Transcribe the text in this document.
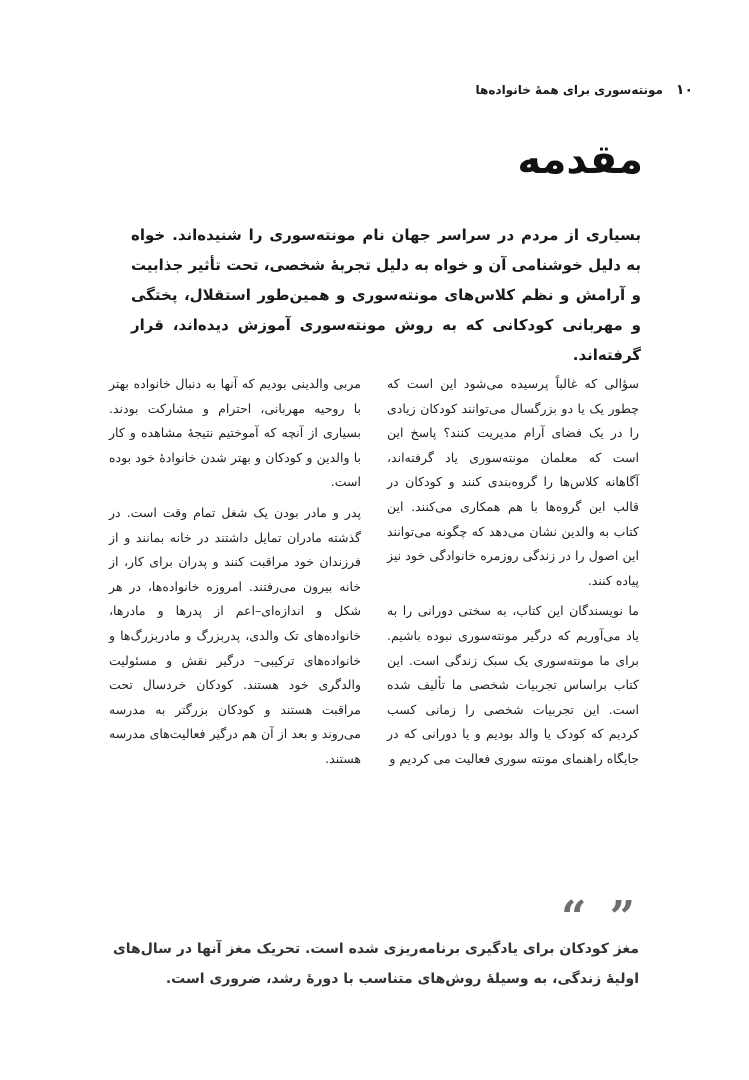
۱۰
مونته‌سوری برای همهٔ خانواده‌ها
مقدمه

بسیاری از مردم در سراسر جهان نام مونته‌سوری را شنیده‌اند. خواه به دلیل خوشنامی آن و خواه به دلیل تجربهٔ شخصی، تحت تأثیر جذابیت و آرامش و نظم کلاس‌های مونته‌سوری و همین‌طور استقلال، پختگی و مهربانی کودکانی که به روش مونته‌سوری آموزش دیده‌اند، قرار گرفته‌اند.

سؤالی که غالباً پرسیده می‌شود این است که چطور یک یا دو بزرگسال می‌توانند کودکان زیادی را در یک فضای آرام مدیریت کنند؟ پاسخ این است که معلمان مونته‌سوری یاد گرفته‌اند، آگاهانه کلاس‌ها را گروه‌بندی کنند و کودکان در قالب این گروه‌ها با هم همکاری می‌کنند. این کتاب به والدین نشان می‌دهد که چگونه می‌توانند این اصول را در زندگی روزمره خانوادگی خود نیز پیاده کنند.

ما نویسندگان این کتاب، به سختی دورانی را به یاد می‌آوریم که درگیر مونته‌سوری نبوده باشیم. برای ما مونته‌سوری یک سبک زندگی است. این کتاب براساس تجربیات شخصی ما تألیف شده است. این تجربیات شخصی را زمانی کسب کردیم که کودک یا والد بودیم و یا دورانی که در جایگاه راهنمای مونته سوری فعالیت می کردیم و

مربی والدینی بودیم که آنها به دنبال خانواده بهتر با روحیه مهربانی، احترام و مشارکت بودند. بسیاری از آنچه که آموختیم نتیجهٔ مشاهده و کار با والدین و کودکان و بهتر شدن خانوادهٔ خود بوده است.

پدر و مادر بودن یک شغل تمام وقت است. در گذشته مادران تمایل داشتند در خانه بمانند و از فرزندان خود مراقبت کنند و پدران برای کار، از خانه بیرون می‌رفتند. امروزه خانواده‌ها، در هر شکل و اندازه‌ای–اعم از پدرها و مادرها، خانواده‌های تک والدی، پدربزرگ و مادربزرگ‌ها و خانواده‌های ترکیبی– درگیر نقش و مسئولیت والدگری خود هستند. کودکان خردسال تحت مراقبت هستند و کودکان بزرگتر به مدرسه می‌روند و بعد از آن هم درگیر فعالیت‌های مدرسه هستند.

“ ”

مغز کودکان برای یادگیری برنامه‌ریزی شده است. تحریک مغز آنها در سال‌های اولیهٔ زندگی، به وسیلهٔ روش‌های متناسب با دورهٔ رشد، ضروری است.
